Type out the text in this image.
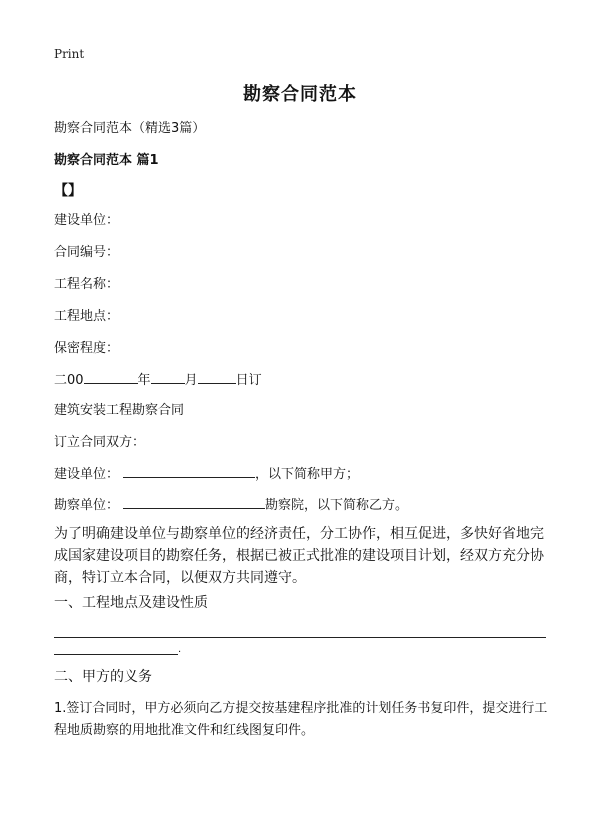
Print
勘察合同范本
勘察合同范本（精选3篇）
勘察合同范本 篇1
【】
建设单位：
合同编号：
工程名称：
工程地点：
保密程度：
二00	年	月	日订
建筑安装工程勘察合同
订立合同双方：
建设单位：	，以下简称甲方；
勘察单位：	勘察院，以下简称乙方。
为了明确建设单位与勘察单位的经济责任，分工协作，相互促进，多快好省地完成国家建设项目的勘察任务，根据已被正式批准的建设项目计划，经双方充分协商，特订立本合同，以便双方共同遵守。
一、工程地点及建设性质
.
二、甲方的义务
1.签订合同时，甲方必须向乙方提交按基建程序批准的计划任务书复印件，提交进行工程地质勘察的用地批准文件和红线图复印件。
